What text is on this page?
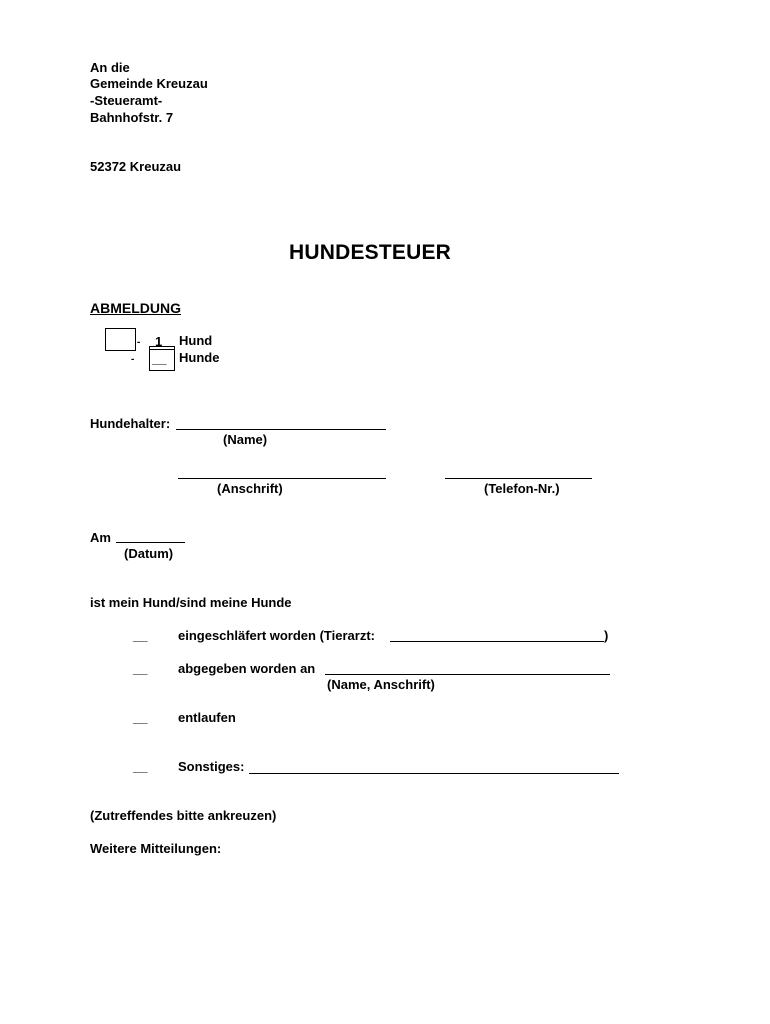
An die
Gemeinde Kreuzau
-Steueramt-
Bahnhofstr. 7
52372 Kreuzau
HUNDESTEUER
ABMELDUNG
- 1 Hund
- __ Hunde
Hundehalter:
(Name)
(Anschrift)	(Telefon-Nr.)
Am
(Datum)
ist mein Hund/sind meine Hunde
__ eingeschläfert worden (Tierarzt:	)
__ abgegeben worden an
(Name, Anschrift)
__ entlaufen
__ Sonstiges:
(Zutreffendes bitte ankreuzen)
Weitere Mitteilungen:
